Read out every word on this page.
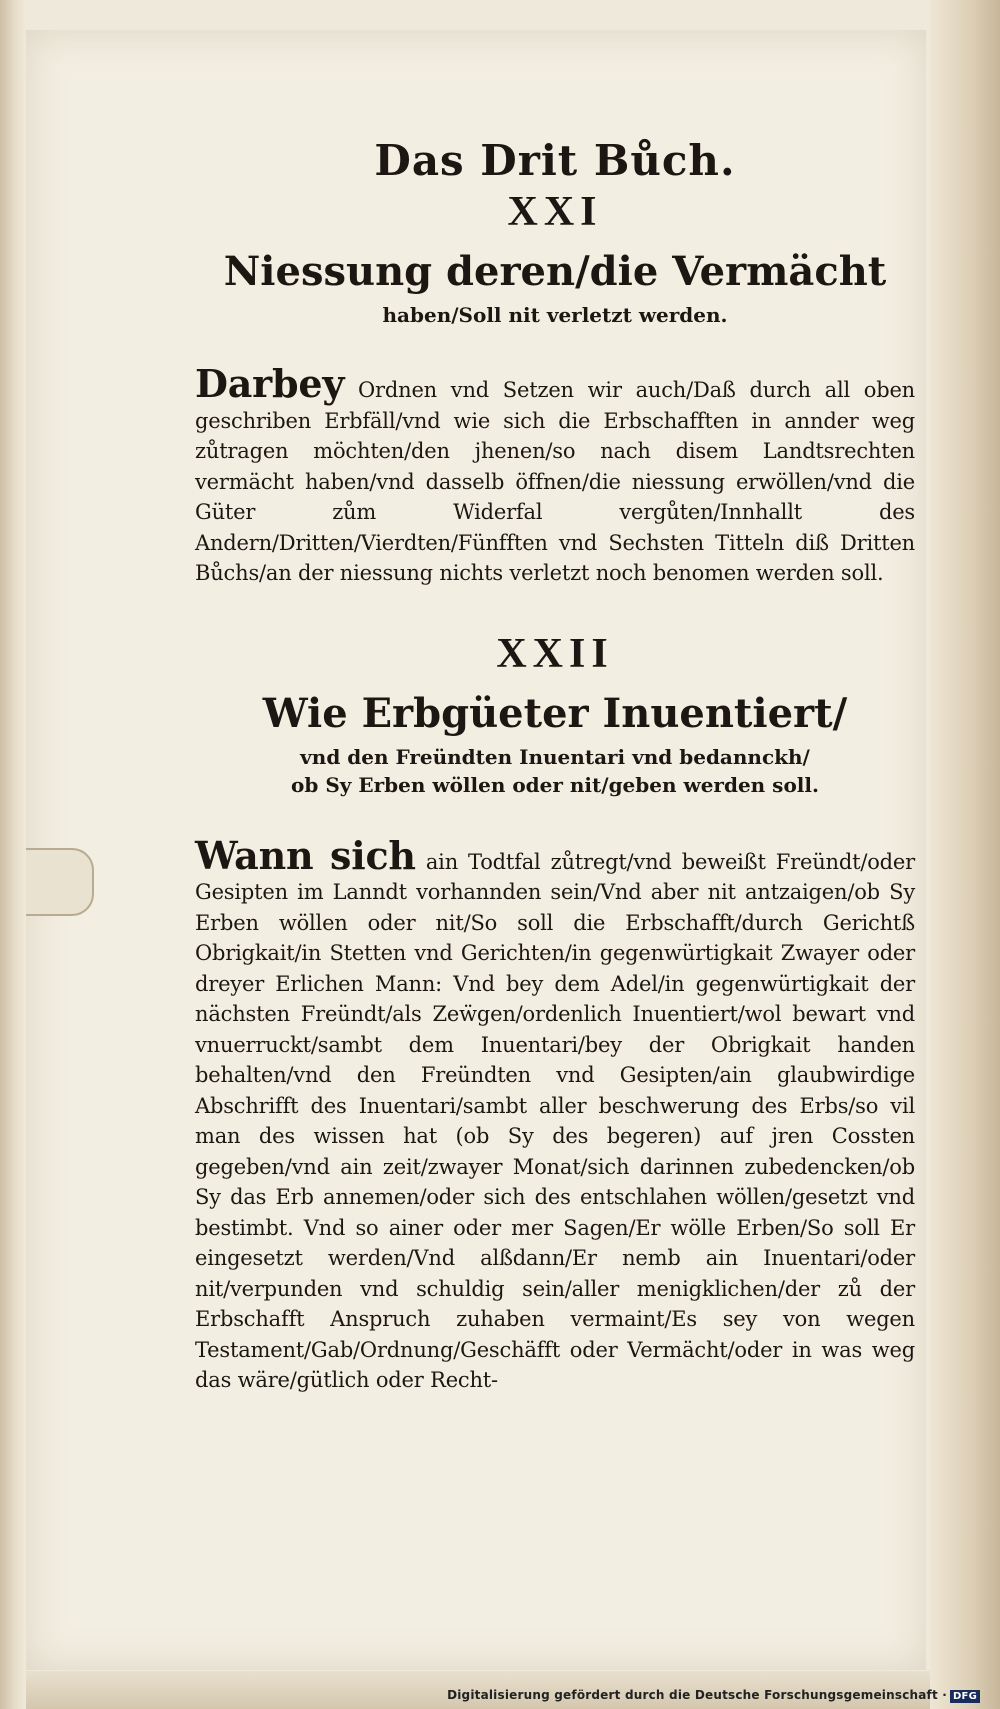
Das Drit Bůch.
XXI
Niessung deren/die Vermächt
haben/Soll nit verletzt werden.

Darbey Ordnen vnd Setzen wir auch/Daß durch all oben geschriben Erbfäll/vnd wie sich die Erbschafften in annder weg zůtragen möchten/den jhenen/so nach disem Landtsrechten vermächt haben/vnd dasselb öffnen/die niessung erwöllen/vnd die Güter zům Widerfal vergůten/Innhallt des Andern/Dritten/Vierdten/Fünfften vnd Sechsten Titteln diß Dritten Bůchs/an der niessung nichts verletzt noch benomen werden soll.

XXII
Wie Erbgüeter Inuentiert/
vnd den Freündten Inuentari vnd bedannckh/
ob Sy Erben wöllen oder nit/geben werden soll.

Wann sich ain Todtfal zůtregt/vnd beweißt Freündt/oder Gesipten im Lanndt vorhannden sein/Vnd aber nit antzaigen/ob Sy Erben wöllen oder nit/So soll die Erbschafft/durch Gerichtß Obrigkait/in Stetten vnd Gerichten/in gegenwürtigkait Zwayer oder dreyer Erlichen Mann: Vnd bey dem Adel/in gegenwürtigkait der nächsten Freündt/als Zeẅgen/ordenlich Inuentiert/wol bewart vnd vnuerruckt/sambt dem Inuentari/bey der Obrigkait handen behalten/vnd den Freündten vnd Gesipten/ain glaubwirdige Abschrifft des Inuentari/sambt aller beschwerung des Erbs/so vil man des wissen hat (ob Sy des begeren) auf jren Cossten gegeben/vnd ain zeit/zwayer Monat/sich darinnen zubedencken/ob Sy das Erb annemen/oder sich des entschlahen wöllen/gesetzt vnd bestimbt. Vnd so ainer oder mer Sagen/Er wölle Erben/So soll Er eingesetzt werden/Vnd alßdann/Er nemb ain Inuentari/oder nit/verpunden vnd schuldig sein/aller menigklichen/der zů der Erbschafft Anspruch zuhaben vermaint/Es sey von wegen Testament/Gab/Ordnung/Geschäfft oder Vermächt/oder in was weg das wäre/gütlich oder Recht-

Digitalisierung gefördert durch die Deutsche Forschungsgemeinschaft · DFG
